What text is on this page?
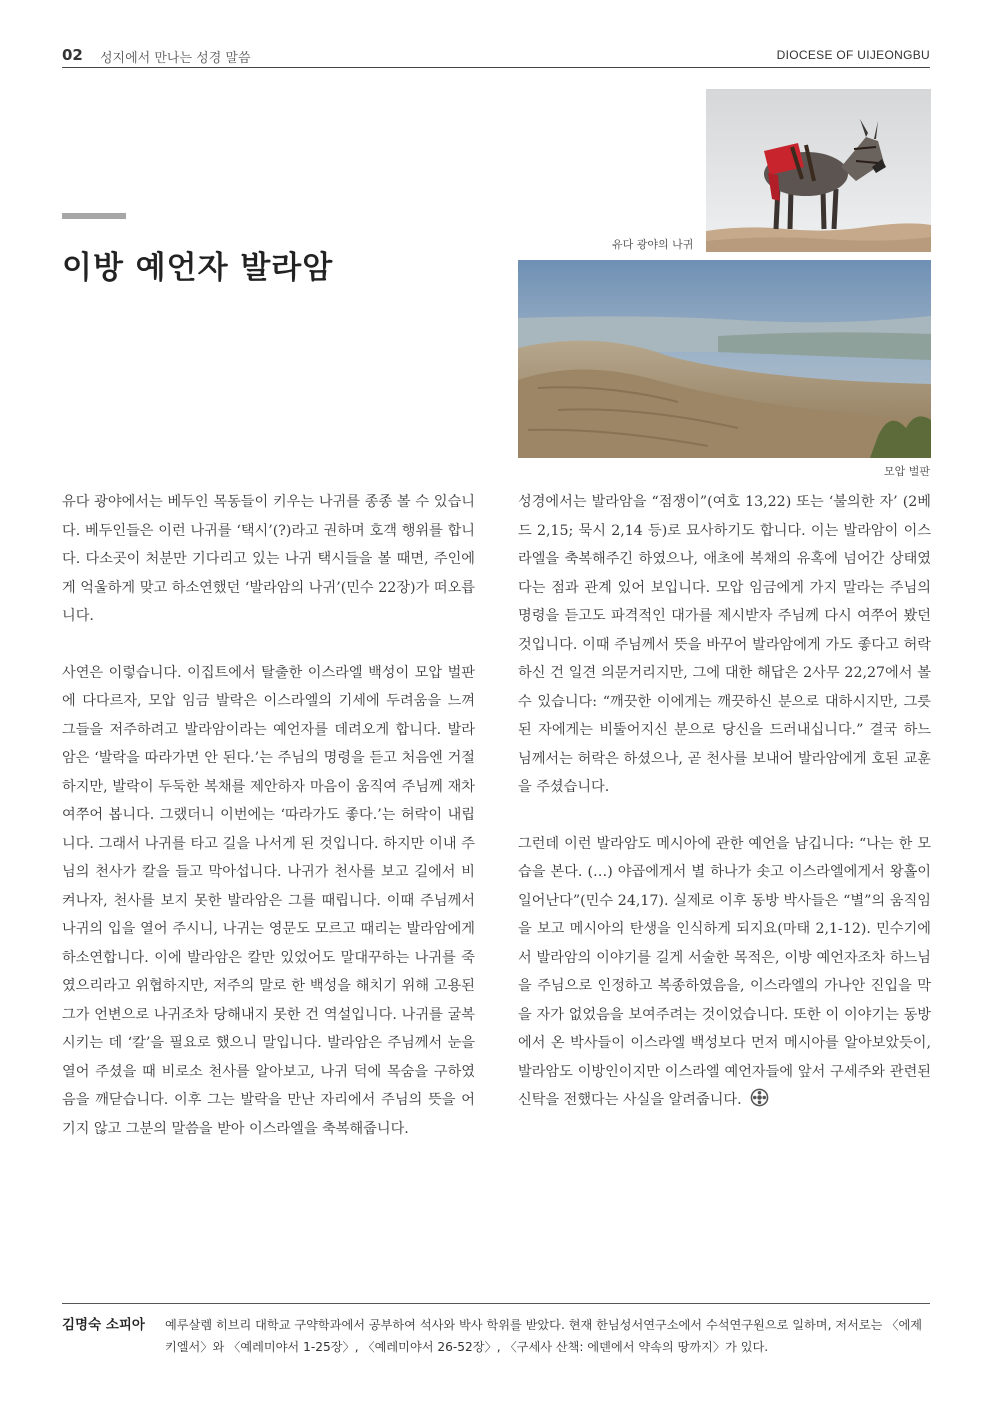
02 성지에서 만나는 성경 말씀	DIOCESE OF UIJEONGBU
이방 예언자 발라암
유다 광야의 나귀
모압 벌판

유다 광야에서는 베두인 목동들이 키우는 나귀를 종종 볼 수 있습니다. 베두인들은 이런 나귀를 ‘택시’(?)라고 권하며 호객 행위를 합니다. 다소곳이 처분만 기다리고 있는 나귀 택시들을 볼 때면, 주인에게 억울하게 맞고 하소연했던 ‘발라암의 나귀’(민수 22장)가 떠오릅니다.

사연은 이렇습니다. 이집트에서 탈출한 이스라엘 백성이 모압 벌판에 다다르자, 모압 임금 발락은 이스라엘의 기세에 두려움을 느껴 그들을 저주하려고 발라암이라는 예언자를 데려오게 합니다. 발라암은 ‘발락을 따라가면 안 된다.’는 주님의 명령을 듣고 처음엔 거절하지만, 발락이 두둑한 복채를 제안하자 마음이 움직여 주님께 재차 여쭈어 봅니다. 그랬더니 이번에는 ‘따라가도 좋다.’는 허락이 내립니다. 그래서 나귀를 타고 길을 나서게 된 것입니다. 하지만 이내 주님의 천사가 칼을 들고 막아섭니다. 나귀가 천사를 보고 길에서 비켜나자, 천사를 보지 못한 발라암은 그를 때립니다. 이때 주님께서 나귀의 입을 열어 주시니, 나귀는 영문도 모르고 때리는 발라암에게 하소연합니다. 이에 발라암은 칼만 있었어도 말대꾸하는 나귀를 죽였으리라고 위협하지만, 저주의 말로 한 백성을 해치기 위해 고용된 그가 언변으로 나귀조차 당해내지 못한 건 역설입니다. 나귀를 굴복시키는 데 ‘칼’을 필요로 했으니 말입니다. 발라암은 주님께서 눈을 열어 주셨을 때 비로소 천사를 알아보고, 나귀 덕에 목숨을 구하였음을 깨닫습니다. 이후 그는 발락을 만난 자리에서 주님의 뜻을 어기지 않고 그분의 말씀을 받아 이스라엘을 축복해줍니다.

성경에서는 발라암을 “점쟁이”(여호 13,22) 또는 ‘불의한 자’ (2베드 2,15; 묵시 2,14 등)로 묘사하기도 합니다. 이는 발라암이 이스라엘을 축복해주긴 하였으나, 애초에 복채의 유혹에 넘어간 상태였다는 점과 관계 있어 보입니다. 모압 임금에게 가지 말라는 주님의 명령을 듣고도 파격적인 대가를 제시받자 주님께 다시 여쭈어 봤던 것입니다. 이때 주님께서 뜻을 바꾸어 발라암에게 가도 좋다고 허락하신 건 일견 의문거리지만, 그에 대한 해답은 2사무 22,27에서 볼 수 있습니다: “깨끗한 이에게는 깨끗하신 분으로 대하시지만, 그릇된 자에게는 비뚤어지신 분으로 당신을 드러내십니다.” 결국 하느님께서는 허락은 하셨으나, 곧 천사를 보내어 발라암에게 호된 교훈을 주셨습니다.

그런데 이런 발라암도 메시아에 관한 예언을 남깁니다: “나는 한 모습을 본다. (…) 야곱에게서 별 하나가 솟고 이스라엘에게서 왕홀이 일어난다”(민수 24,17). 실제로 이후 동방 박사들은 “별”의 움직임을 보고 메시아의 탄생을 인식하게 되지요(마태 2,1-12). 민수기에서 발라암의 이야기를 길게 서술한 목적은, 이방 예언자조차 하느님을 주님으로 인정하고 복종하였음을, 이스라엘의 가나안 진입을 막을 자가 없었음을 보여주려는 것이었습니다. 또한 이 이야기는 동방에서 온 박사들이 이스라엘 백성보다 먼저 메시아를 알아보았듯이, 발라암도 이방인이지만 이스라엘 예언자들에 앞서 구세주와 관련된 신탁을 전했다는 사실을 알려줍니다.

김명숙 소피아 예루살렘 히브리 대학교 구약학과에서 공부하여 석사와 박사 학위를 받았다. 현재 한님성서연구소에서 수석연구원으로 일하며, 저서로는 〈에제키엘서〉와 〈예레미야서 1-25장〉, 〈예레미야서 26-52장〉, 〈구세사 산책: 에덴에서 약속의 땅까지〉가 있다.
